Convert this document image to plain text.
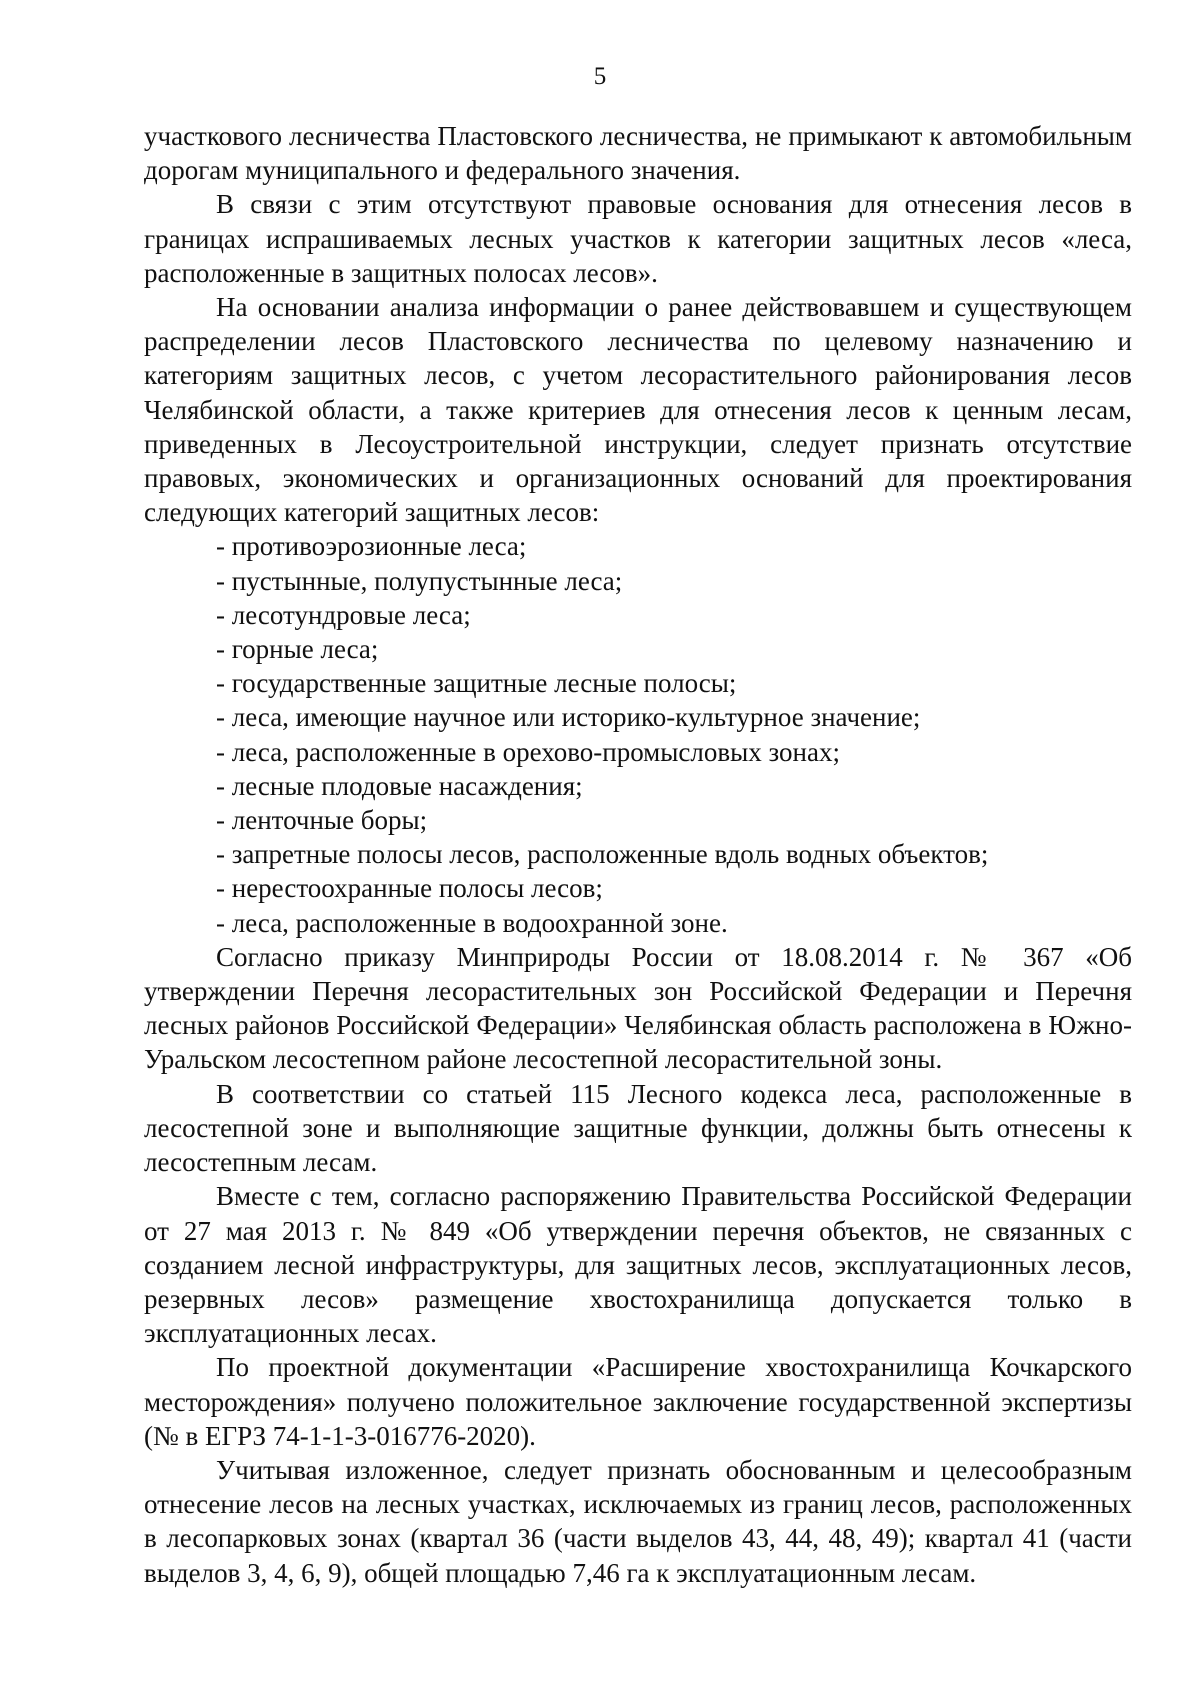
5

участкового лесничества Пластовского лесничества, не примыкают к автомобильным дорогам муниципального и федерального значения.

В связи с этим отсутствуют правовые основания для отнесения лесов в границах испрашиваемых лесных участков к категории защитных лесов «леса, расположенные в защитных полосах лесов».

На основании анализа информации о ранее действовавшем и существующем распределении лесов Пластовского лесничества по целевому назначению и категориям защитных лесов, с учетом лесорастительного районирования лесов Челябинской области, а также критериев для отнесения лесов к ценным лесам, приведенных в Лесоустроительной инструкции, следует признать отсутствие правовых, экономических и организационных оснований для проектирования следующих категорий защитных лесов:

- противоэрозионные леса;
- пустынные, полупустынные леса;
- лесотундровые леса;
- горные леса;
- государственные защитные лесные полосы;
- леса, имеющие научное или историко-культурное значение;
- леса, расположенные в орехово-промысловых зонах;
- лесные плодовые насаждения;
- ленточные боры;
- запретные полосы лесов, расположенные вдоль водных объектов;
- нерестоохранные полосы лесов;
- леса, расположенные в водоохранной зоне.

Согласно приказу Минприроды России от 18.08.2014 г. № 367 «Об утверждении Перечня лесорастительных зон Российской Федерации и Перечня лесных районов Российской Федерации» Челябинская область расположена в Южно-Уральском лесостепном районе лесостепной лесорастительной зоны.

В соответствии со статьей 115 Лесного кодекса леса, расположенные в лесостепной зоне и выполняющие защитные функции, должны быть отнесены к лесостепным лесам.

Вместе с тем, согласно распоряжению Правительства Российской Федерации от 27 мая 2013 г. № 849 «Об утверждении перечня объектов, не связанных с созданием лесной инфраструктуры, для защитных лесов, эксплуатационных лесов, резервных лесов» размещение хвостохранилища допускается только в эксплуатационных лесах.

По проектной документации «Расширение хвостохранилища Кочкарского месторождения» получено положительное заключение государственной экспертизы (№ в ЕГРЗ 74-1-1-3-016776-2020).

Учитывая изложенное, следует признать обоснованным и целесообразным отнесение лесов на лесных участках, исключаемых из границ лесов, расположенных в лесопарковых зонах (квартал 36 (части выделов 43, 44, 48, 49); квартал 41 (части выделов 3, 4, 6, 9), общей площадью 7,46 га к эксплуатационным лесам.
